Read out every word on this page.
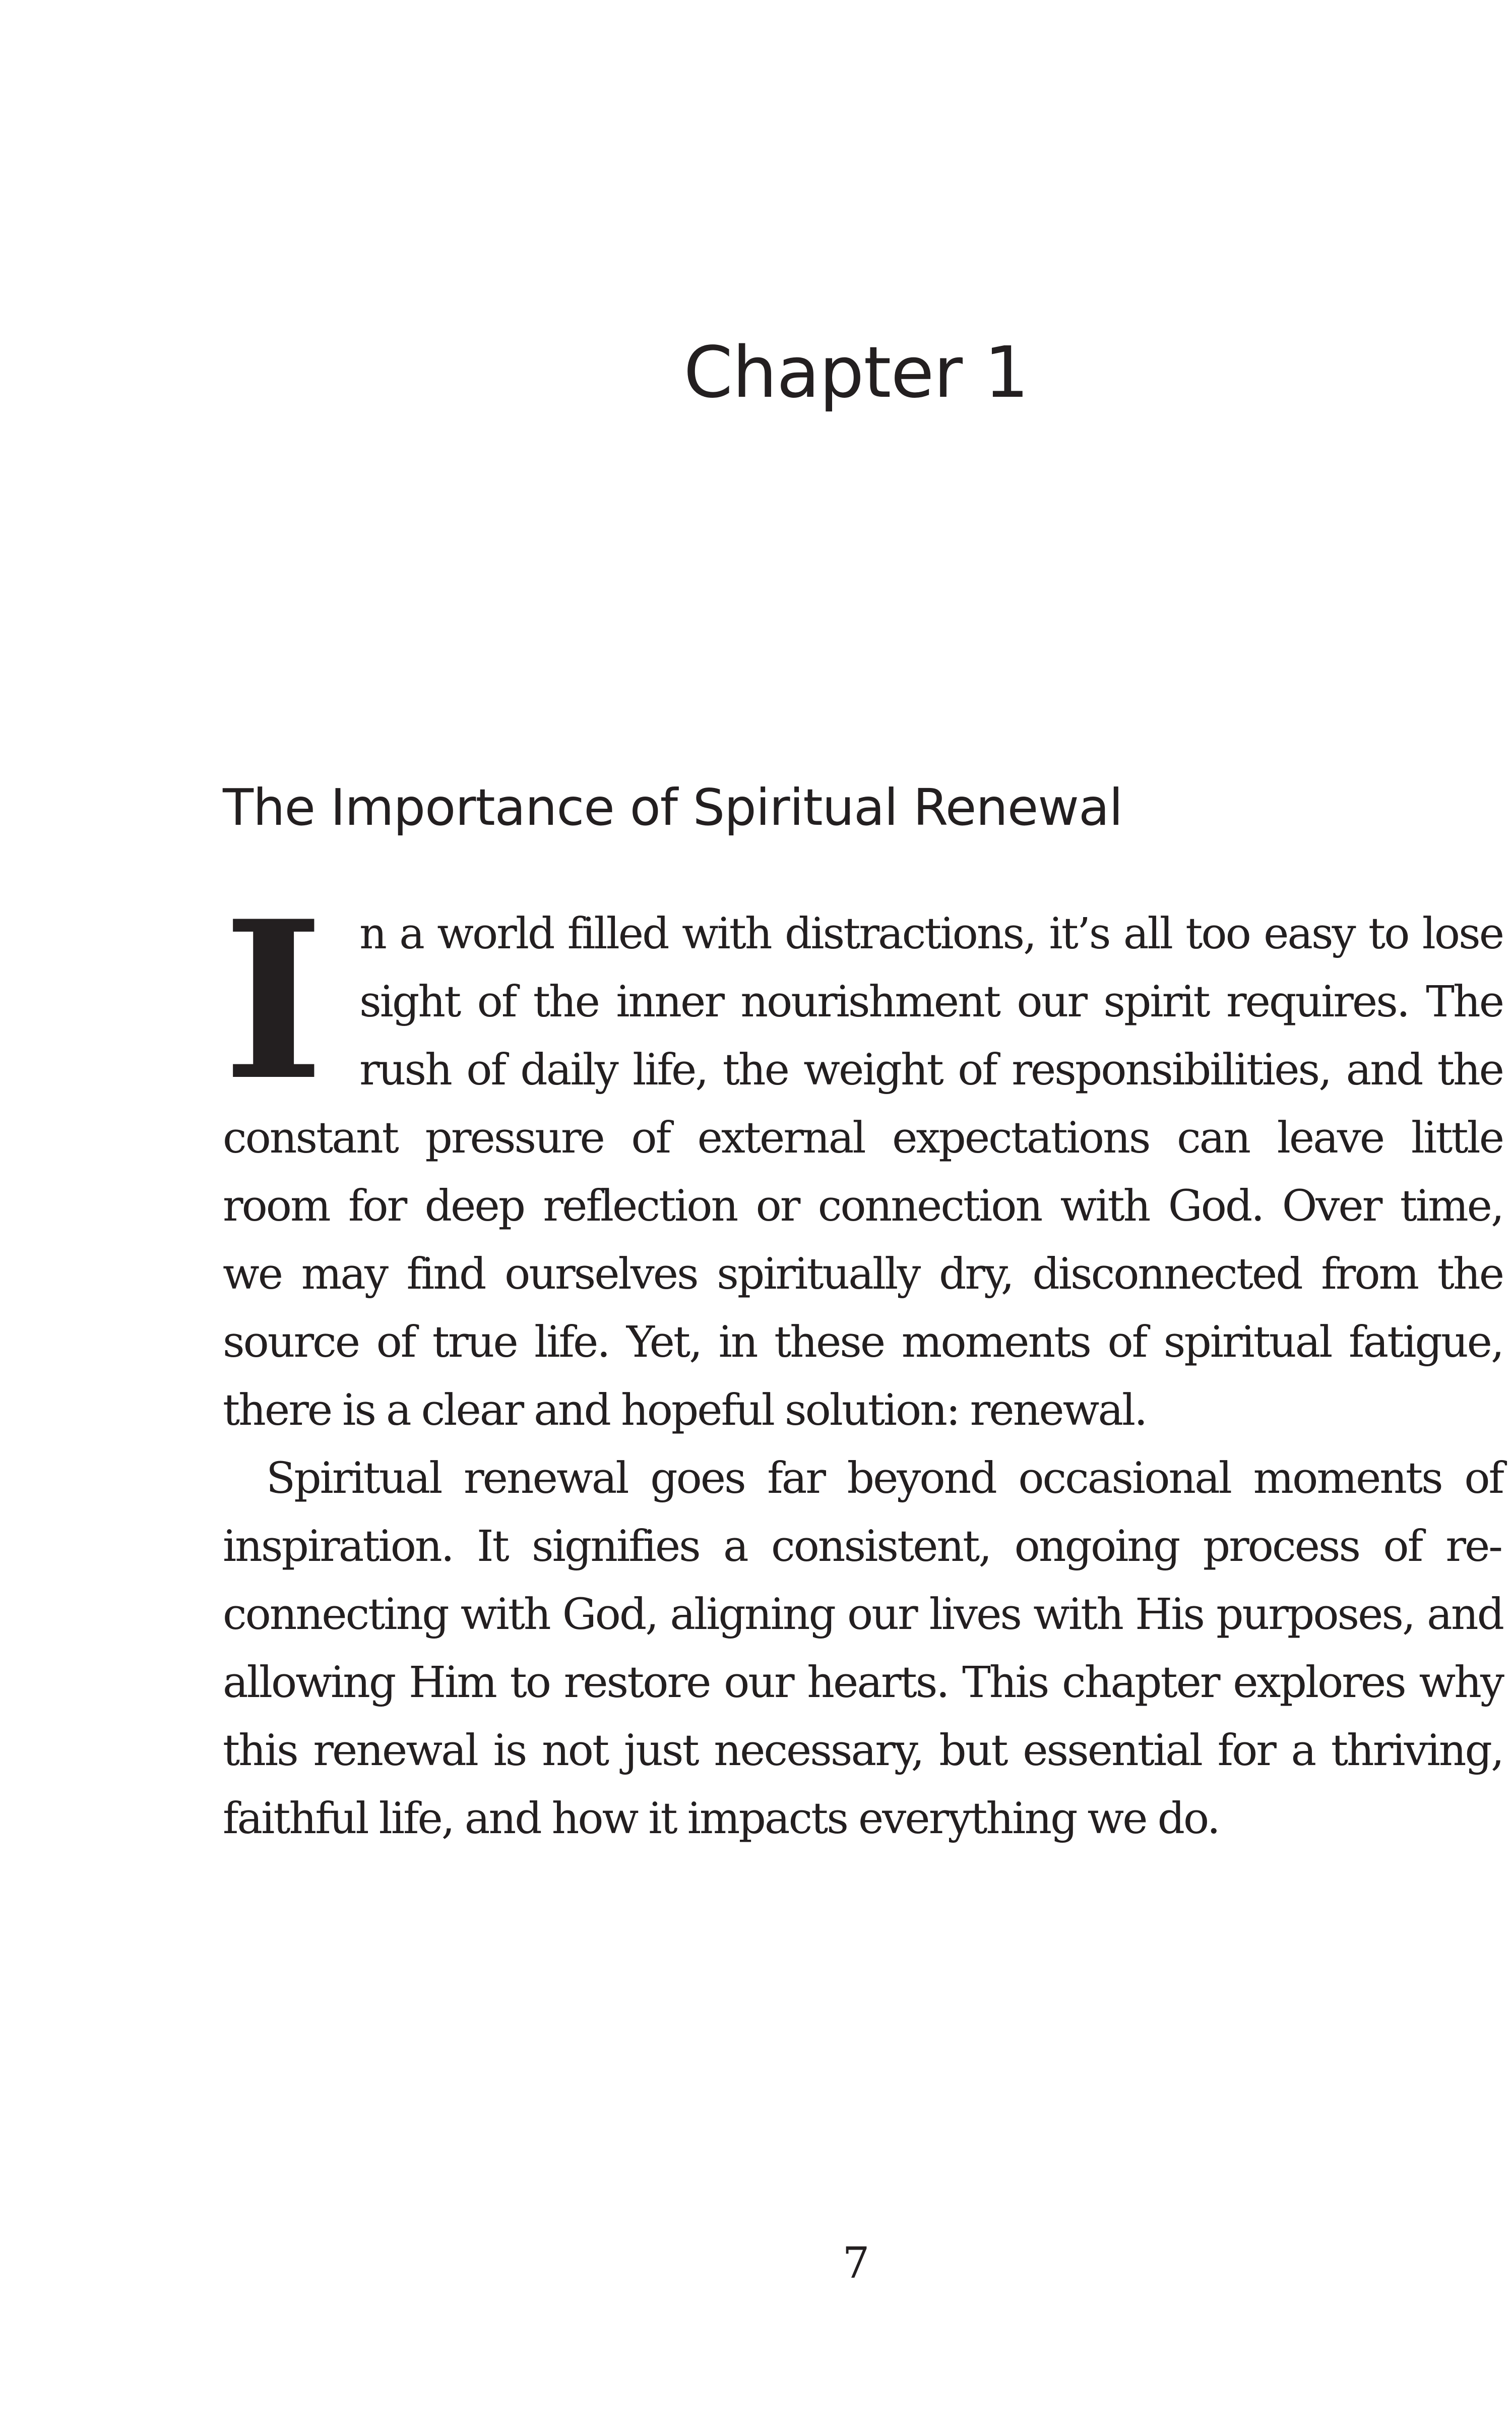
Chapter 1
The Importance of Spiritual Renewal
I n a world filled with distractions, it’s all too easy to lose sight of the inner nourishment our spirit requires. The rush of daily life, the weight of responsibilities, and the constant pressure of external expectations can leave little room for deep reflection or connection with God. Over time, we may find ourselves spiritually dry, disconnected from the source of true life. Yet, in these moments of spiritual fatigue, there is a clear and hopeful solution: renewal.

Spiritual renewal goes far beyond occasional moments of inspiration. It signifies a consistent, ongoing process of reconnecting with God, aligning our lives with His purposes, and allowing Him to restore our hearts. This chapter explores why this renewal is not just necessary, but essential for a thriving, faithful life, and how it impacts everything we do.

7
